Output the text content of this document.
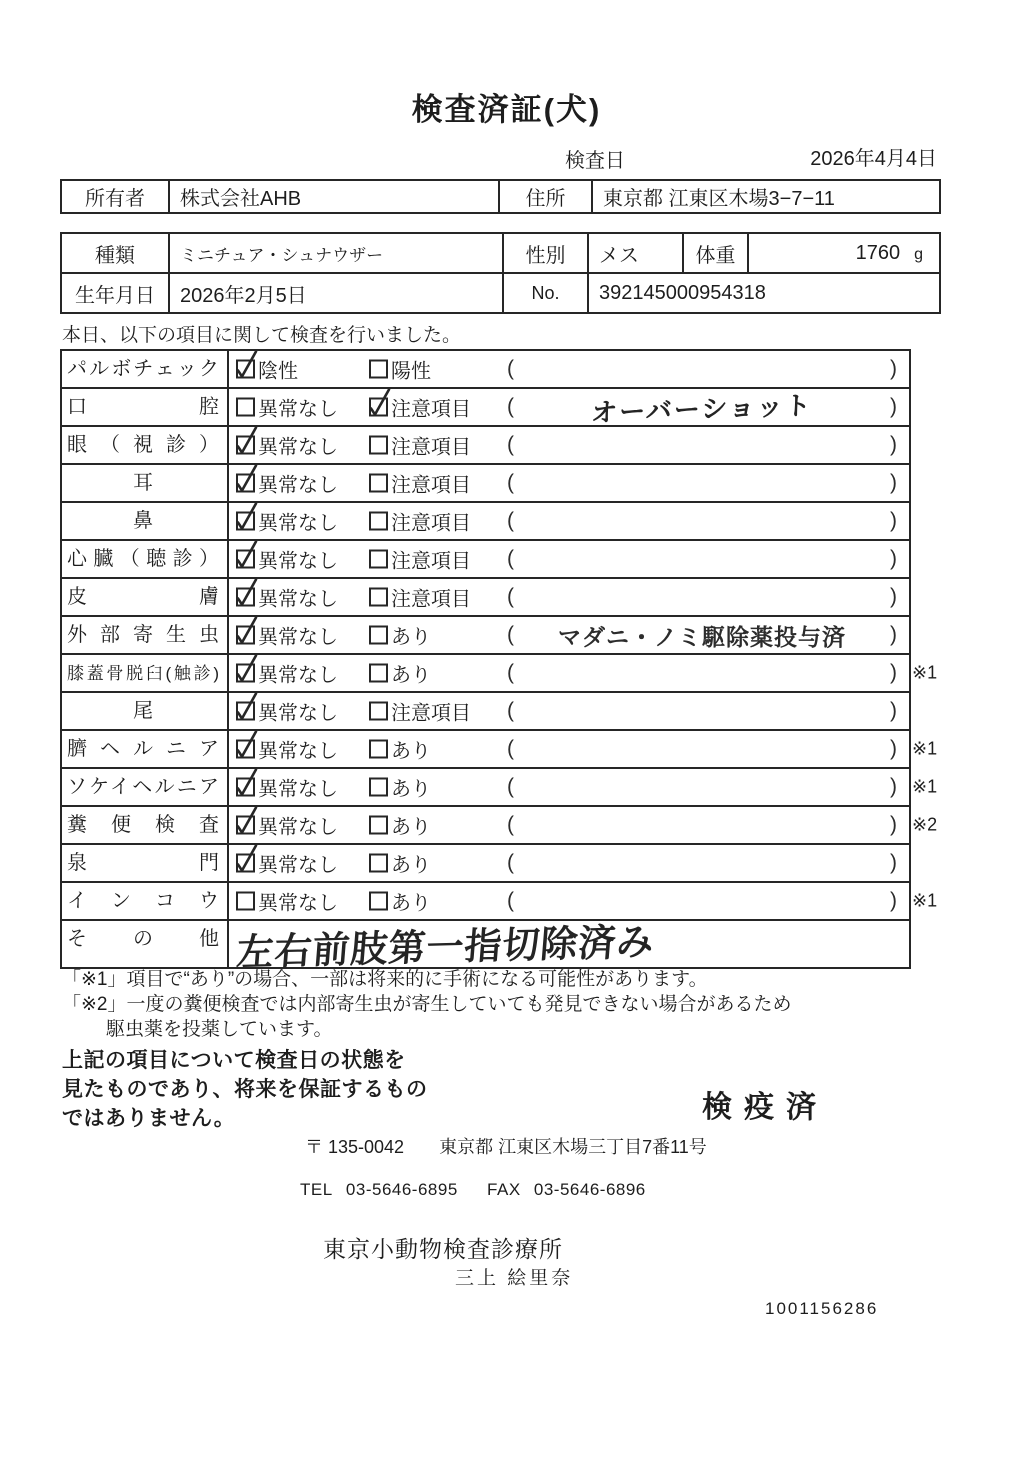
検査済証(犬)
検査日	2026年4月4日
所有者	株式会社AHB	住所	東京都 江東区木場3−7−11
種類	ミニチュア・シュナウザー	性別	メス	体重	1760 g
生年月日	2026年2月5日	No.	392145000954318
本日、以下の項目に関して検査を行いました。
パルボチェック	陰性	陽性	(	)
口腔	異常なし	注意項目 (	オーバーショット	)
眼（視診）	異常なし	注意項目 (	)
耳	異常なし	注意項目 (	)
鼻	異常なし	注意項目 (	)
心臓（聴診）	異常なし	注意項目 (	)
皮膚	異常なし	注意項目 (	)
外部寄生虫	異常なし	あり	(	マダニ・ノミ駆除薬投与済	)
膝蓋骨脱臼(触診)	異常なし	あり	(	) ※1
尾	異常なし	注意項目 (	)
臍ヘルニア	異常なし	あり	(	) ※1
ソケイヘルニア	異常なし	あり	(	) ※1
糞便検査	異常なし	あり	(	) ※2
泉門	異常なし	あり	(	)
インコウ	異常なし	あり	(	) ※1
その他 左右前肢第一指切除済み
「※1」項目で“あり”の場合、一部は将来的に手術になる可能性があります。
「※2」一度の糞便検査では内部寄生虫が寄生していても発見できない場合があるため
駆虫薬を投薬しています。
上記の項目について検査日の状態を
見たものであり、将来を保証するもの
ではありません。	検疫済
〒 135-0042 東京都 江東区木場三丁目7番11号
TEL 03-5646-6895 FAX 03-5646-6896
東京小動物検査診療所
三上 絵里奈
1001156286
